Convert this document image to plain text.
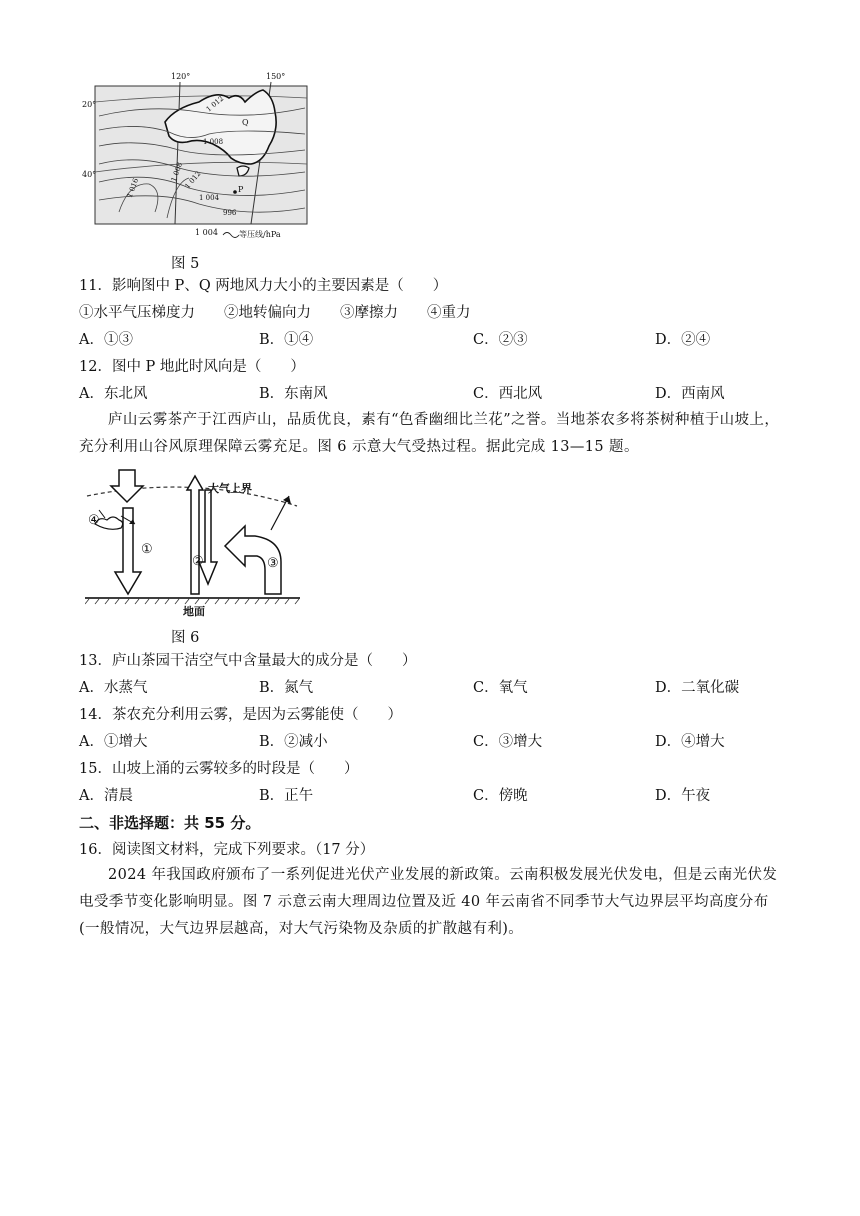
120°	150°
20°
40°
1 012
1 008
1 004
1 008 1 012
1 016
996
P
Q
1 004	等压线/hPa
图 5
11．影响图中 P、Q 两地风力大小的主要因素是（　　）
①水平气压梯度力　　②地转偏向力　　③摩擦力　　④重力
A．①③	B．①④	C．②③	D．②④
12．图中 P 地此时风向是（　　）
A．东北风	B．东南风	C．西北风	D．西南风
庐山云雾茶产于江西庐山，品质优良，素有“色香幽细比兰花”之誉。当地茶农多将茶树种植于山坡上，充分利用山谷风原理保障云雾充足。图 6 示意大气受热过程。据此完成 13—15 题。
大气上界
地面
①
②	③
④
图 6
13．庐山茶园干洁空气中含量最大的成分是（　　）
A．水蒸气	B．氮气	C．氧气	D．二氧化碳
14．茶农充分利用云雾，是因为云雾能使（　　）
A．①增大	B．②减小	C．③增大	D．④增大
15．山坡上涌的云雾较多的时段是（　　）
A．清晨	B．正午	C．傍晚	D．午夜
二、非选择题：共 55 分。
16．阅读图文材料，完成下列要求。（17 分）
2024 年我国政府颁布了一系列促进光伏产业发展的新政策。云南积极发展光伏发电，但是云南光伏发电受季节变化影响明显。图 7 示意云南大理周边位置及近 40 年云南省不同季节大气边界层平均高度分布(一般情况，大气边界层越高，对大气污染物及杂质的扩散越有利)。
